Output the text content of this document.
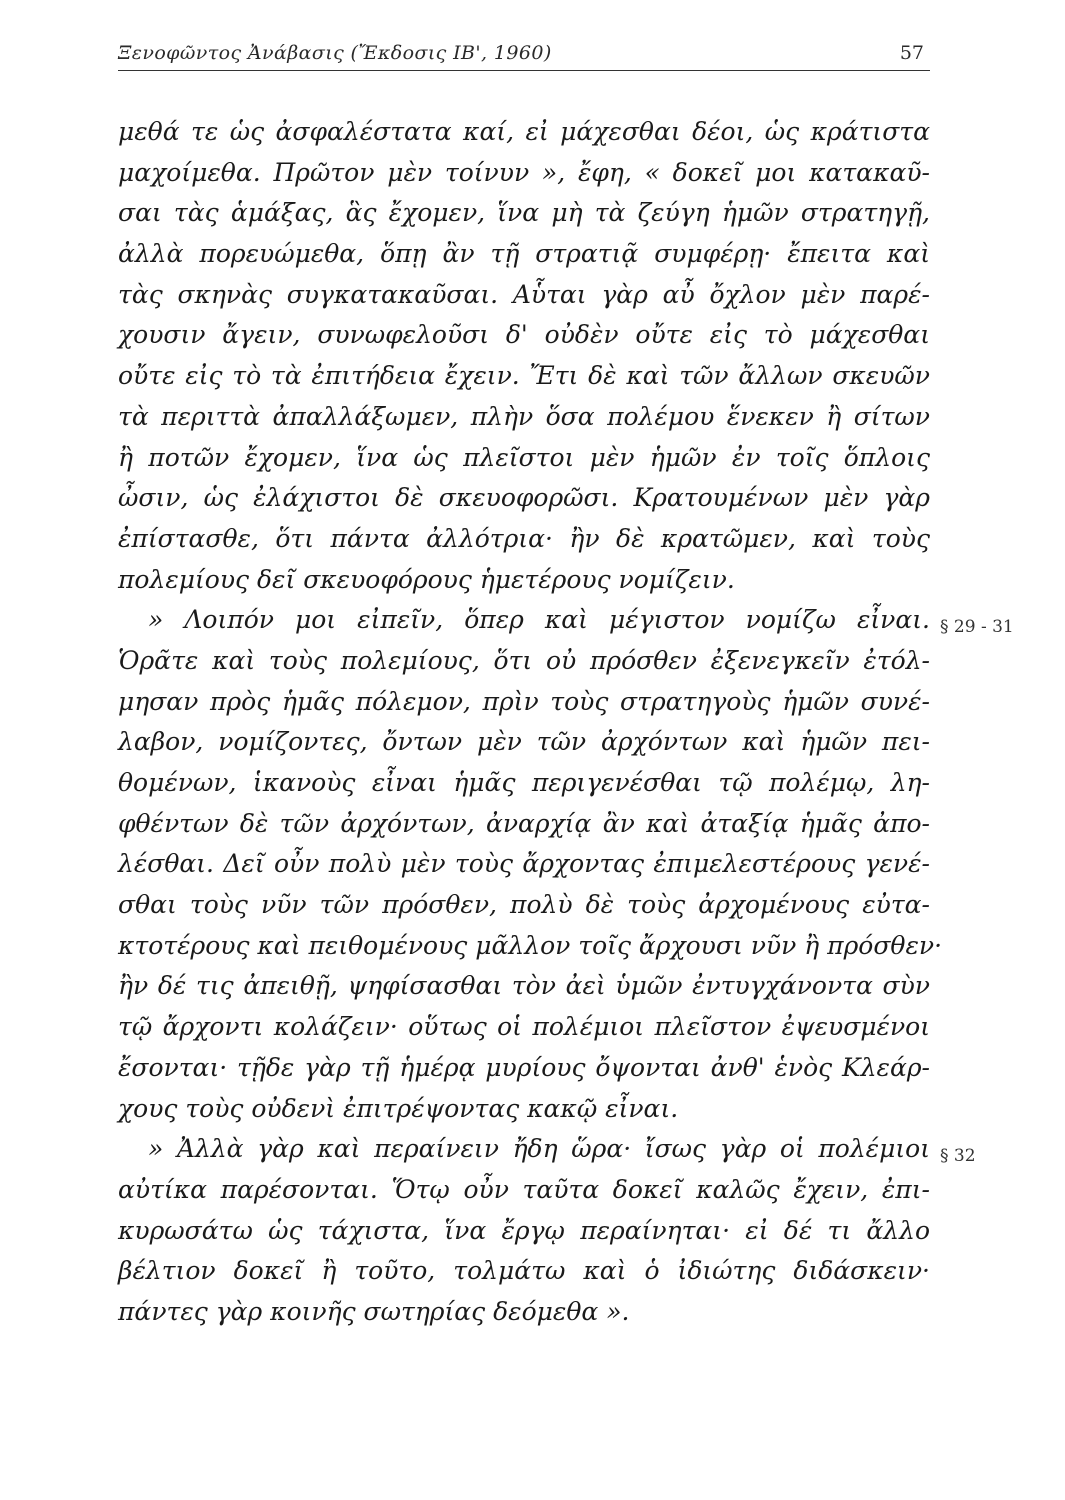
Ξενοφῶντος Ἀνάβασις (Ἔκδοσις ΙΒ', 1960)	57
μεθά τε ὡς ἀσφαλέστατα καί, εἰ μάχεσθαι δέοι, ὡς κράτιστα
μαχοίμεθα. Πρῶτον μὲν τοίνυν », ἔφη, « δοκεῖ μοι κατακαῦ-
σαι τὰς ἁμάξας, ἃς ἔχομεν, ἵνα μὴ τὰ ζεύγη ἡμῶν στρατηγῇ,
ἀλλὰ πορευώμεθα, ὅπῃ ἂν τῇ στρατιᾷ συμφέρῃ· ἔπειτα καὶ
τὰς σκηνὰς συγκατακαῦσαι. Αὗται γὰρ αὖ ὄχλον μὲν παρέ-
χουσιν ἄγειν, συνωφελοῦσι δ' οὐδὲν οὔτε εἰς τὸ μάχεσθαι
οὔτε εἰς τὸ τὰ ἐπιτήδεια ἔχειν. Ἔτι δὲ καὶ τῶν ἄλλων σκευῶν
τὰ περιττὰ ἀπαλλάξωμεν, πλὴν ὅσα πολέμου ἕνεκεν ἢ σίτων
ἢ ποτῶν ἔχομεν, ἵνα ὡς πλεῖστοι μὲν ἡμῶν ἐν τοῖς ὅπλοις
ὦσιν, ὡς ἐλάχιστοι δὲ σκευοφορῶσι. Κρατουμένων μὲν γὰρ
ἐπίστασθε, ὅτι πάντα ἀλλότρια· ἢν δὲ κρατῶμεν, καὶ τοὺς
πολεμίους δεῖ σκευοφόρους ἡμετέρους νομίζειν.
» Λοιπόν μοι εἰπεῖν, ὅπερ καὶ μέγιστον νομίζω εἶναι.
Ὁρᾶτε καὶ τοὺς πολεμίους, ὅτι οὐ πρόσθεν ἐξενεγκεῖν ἐτόλ-
μησαν πρὸς ἡμᾶς πόλεμον, πρὶν τοὺς στρατηγοὺς ἡμῶν συνέ-
λαβον, νομίζοντες, ὄντων μὲν τῶν ἀρχόντων καὶ ἡμῶν πει-
θομένων, ἱκανοὺς εἶναι ἡμᾶς περιγενέσθαι τῷ πολέμῳ, λη-
φθέντων δὲ τῶν ἀρχόντων, ἀναρχίᾳ ἂν καὶ ἀταξίᾳ ἡμᾶς ἀπο-
λέσθαι. Δεῖ οὖν πολὺ μὲν τοὺς ἄρχοντας ἐπιμελεστέρους γενέ-
σθαι τοὺς νῦν τῶν πρόσθεν, πολὺ δὲ τοὺς ἀρχομένους εὐτα-
κτοτέρους καὶ πειθομένους μᾶλλον τοῖς ἄρχουσι νῦν ἢ πρόσθεν·
ἢν δέ τις ἀπειθῇ, ψηφίσασθαι τὸν ἀεὶ ὑμῶν ἐντυγχάνοντα σὺν
τῷ ἄρχοντι κολάζειν· οὕτως οἱ πολέμιοι πλεῖστον ἐψευσμένοι
ἔσονται· τῇδε γὰρ τῇ ἡμέρᾳ μυρίους ὄψονται ἀνθ' ἑνὸς Κλεάρ-
χους τοὺς οὐδενὶ ἐπιτρέψοντας κακῷ εἶναι.
» Ἀλλὰ γὰρ καὶ περαίνειν ἤδη ὥρα· ἴσως γὰρ οἱ πολέμιοι
αὐτίκα παρέσονται. Ὅτῳ οὖν ταῦτα δοκεῖ καλῶς ἔχειν, ἐπι-
κυρωσάτω ὡς τάχιστα, ἵνα ἔργῳ περαίνηται· εἰ δέ τι ἄλλο
βέλτιον δοκεῖ ἢ τοῦτο, τολμάτω καὶ ὁ ἰδιώτης διδάσκειν·
πάντες γὰρ κοινῆς σωτηρίας δεόμεθα ».
§ 29 - 31
§ 32
